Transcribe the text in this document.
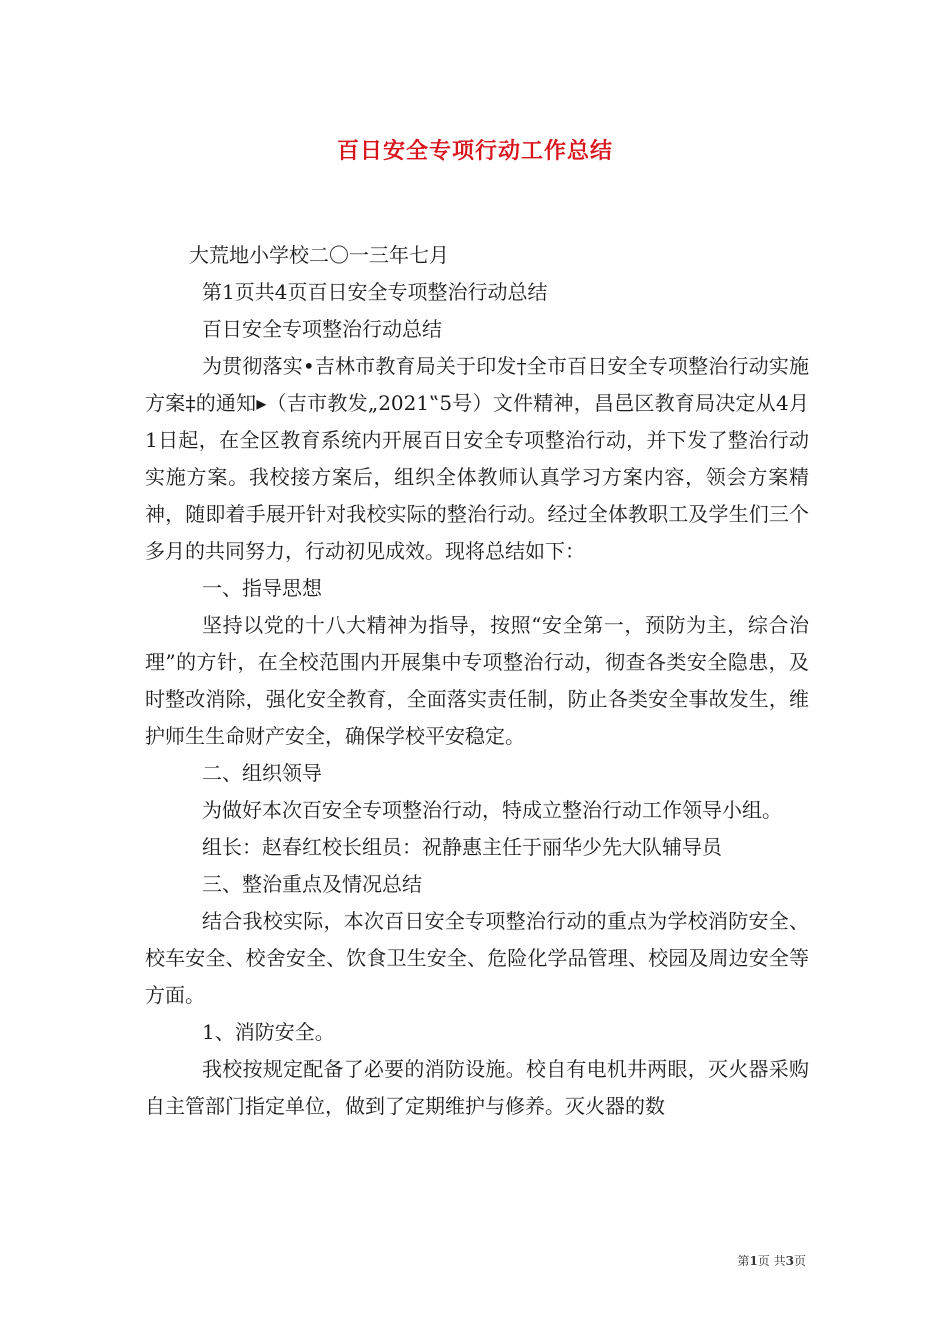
百日安全专项行动工作总结

大荒地小学校二〇一三年七月

第1页共4页百日安全专项整治行动总结

百日安全专项整治行动总结

为贯彻落实•吉林市教育局关于印发†全市百日安全专项整治行动实施方案‡的通知▸（吉市教发„2021‟5号）文件精神，昌邑区教育局决定从4月1日起，在全区教育系统内开展百日安全专项整治行动，并下发了整治行动实施方案。我校接方案后，组织全体教师认真学习方案内容，领会方案精神，随即着手展开针对我校实际的整治行动。经过全体教职工及学生们三个多月的共同努力，行动初见成效。现将总结如下：

一、指导思想

坚持以党的十八大精神为指导，按照“安全第一，预防为主，综合治理”的方针，在全校范围内开展集中专项整治行动，彻查各类安全隐患，及时整改消除，强化安全教育，全面落实责任制，防止各类安全事故发生，维护师生生命财产安全，确保学校平安稳定。

二、组织领导

为做好本次百安全专项整治行动，特成立整治行动工作领导小组。

组长：赵春红校长组员：祝静惠主任于丽华少先大队辅导员

三、整治重点及情况总结

结合我校实际，本次百日安全专项整治行动的重点为学校消防安全、校车安全、校舍安全、饮食卫生安全、危险化学品管理、校园及周边安全等方面。

1、消防安全。

我校按规定配备了必要的消防设施。校自有电机井两眼，灭火器采购自主管部门指定单位，做到了定期维护与修养。灭火器的数

第1页 共3页
